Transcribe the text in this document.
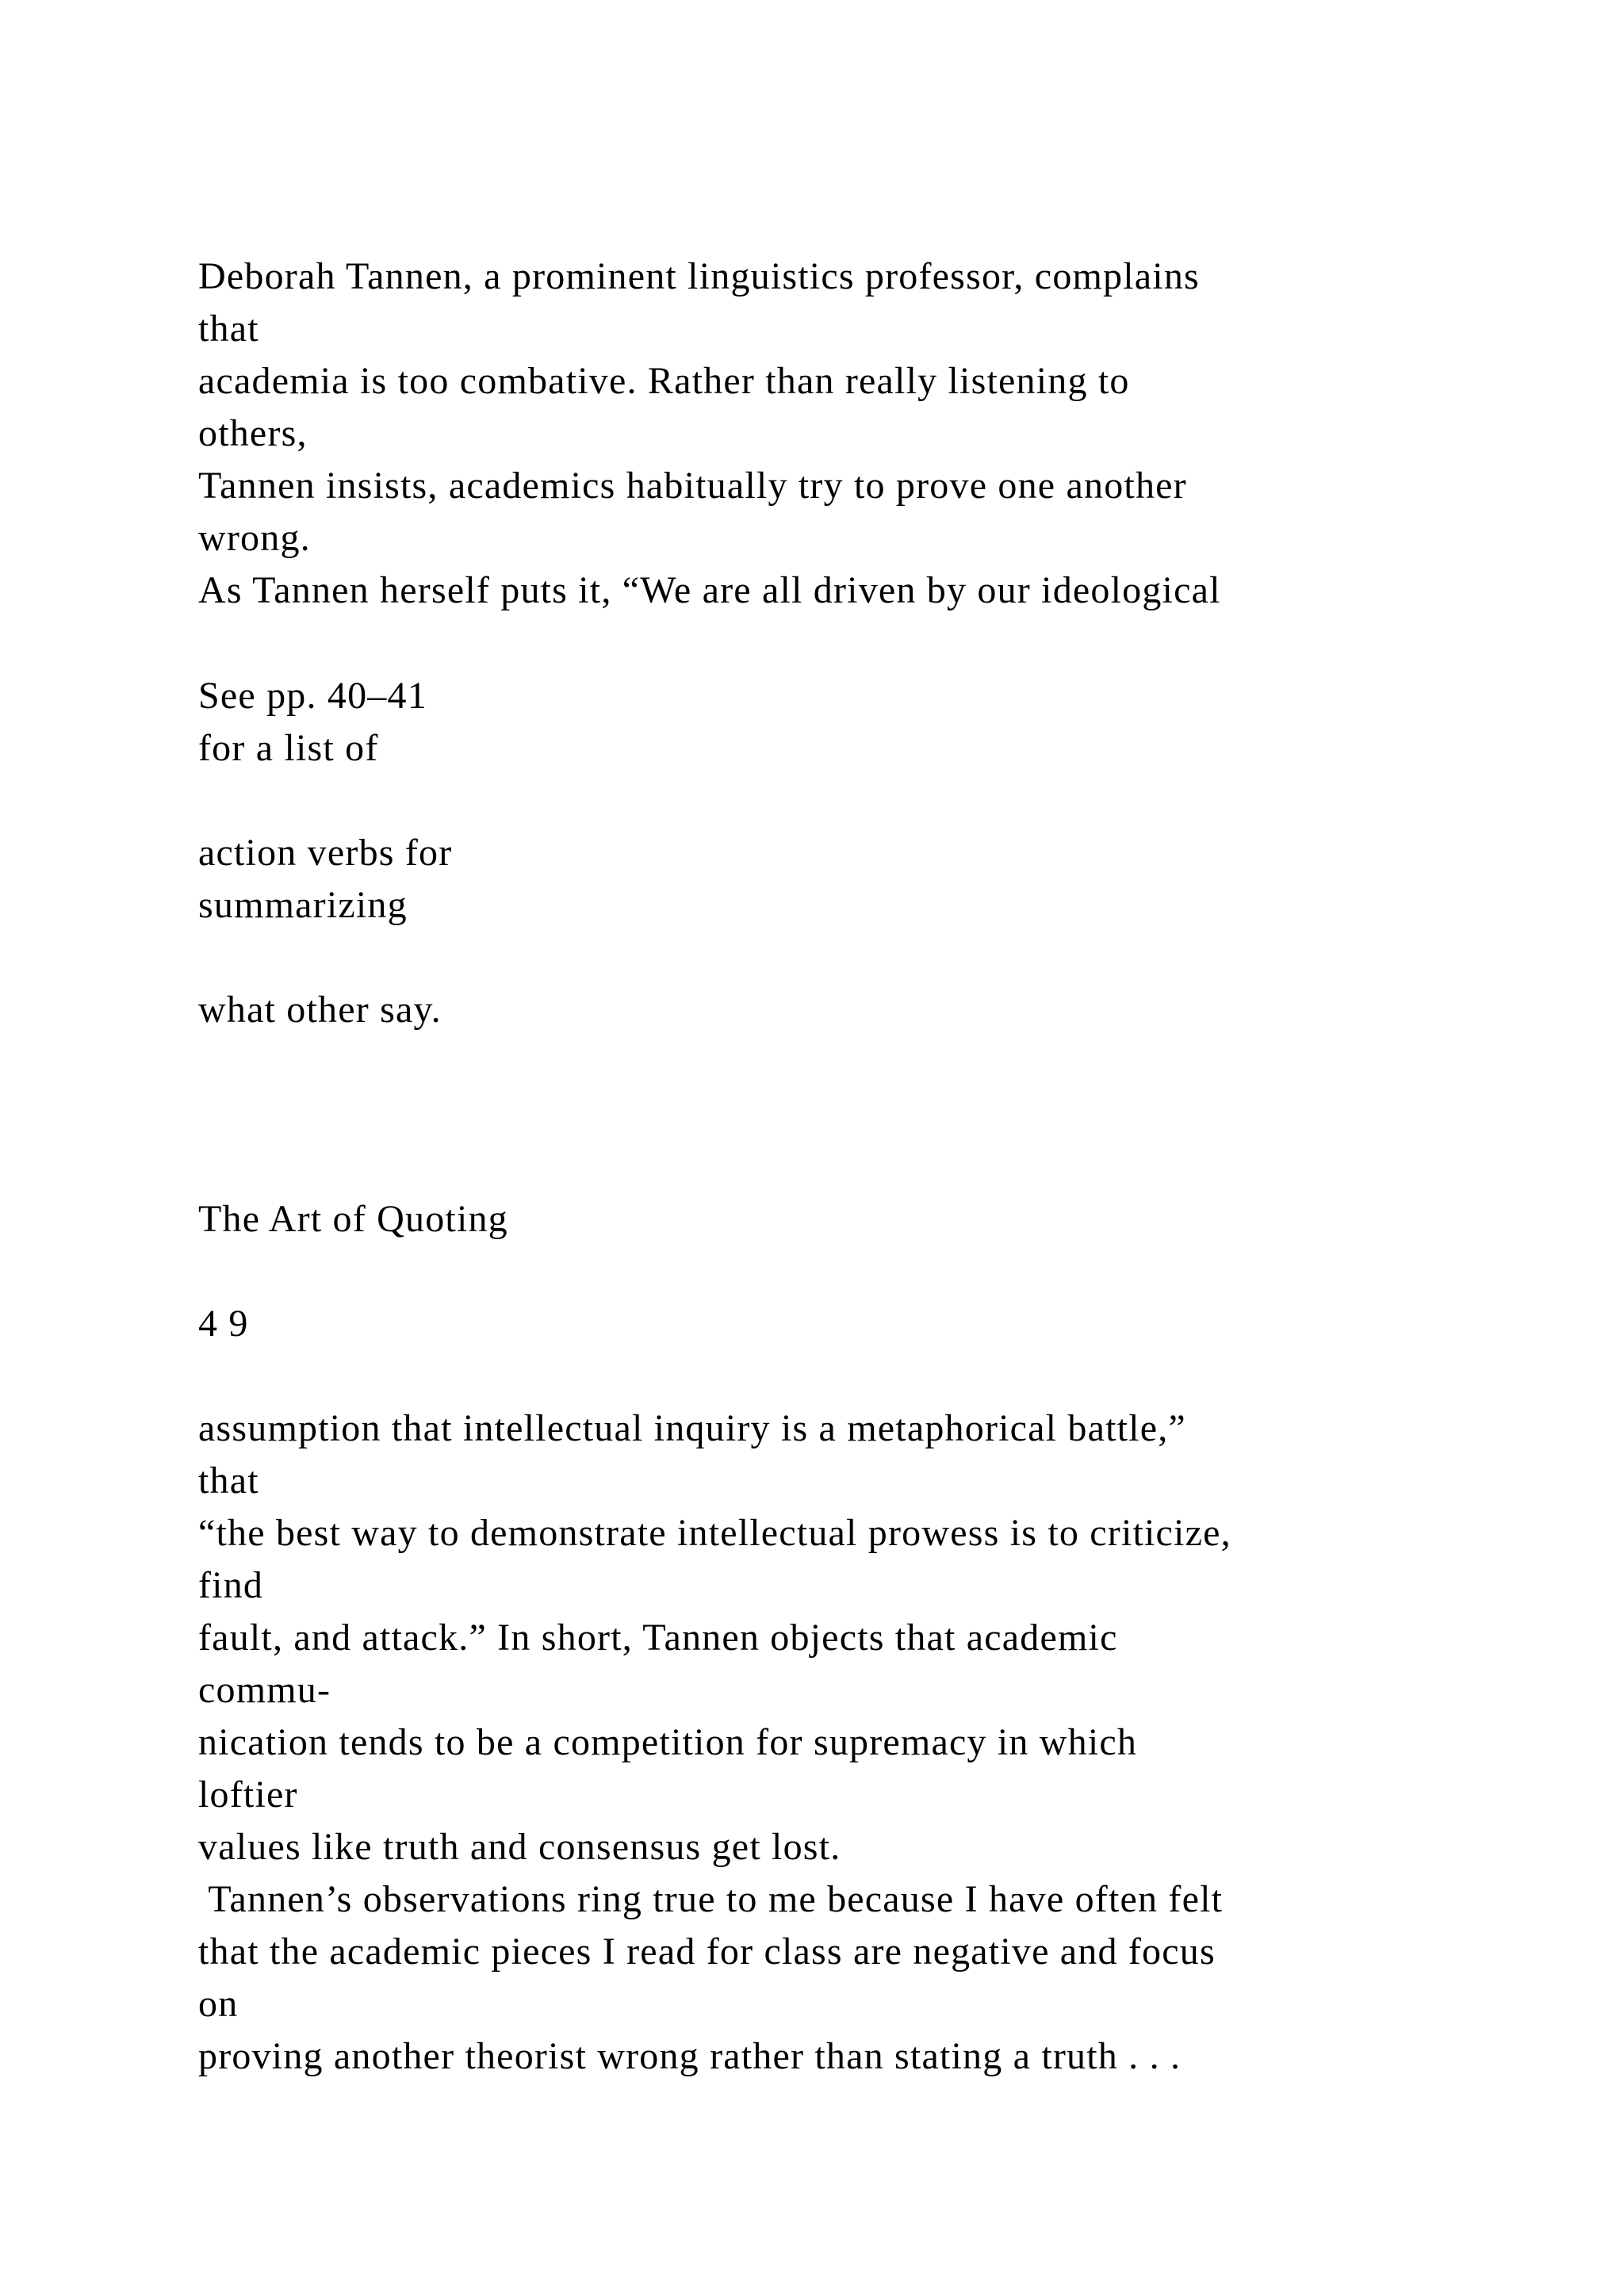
Deborah Tannen, a prominent linguistics professor, complains

that

academia is too combative. Rather than really listening to

others,

Tannen insists, academics habitually try to prove one another

wrong.

As Tannen herself puts it, “We are all driven by our ideological

See pp. 40–41

for a list of

action verbs for

summarizing

what other say.

The Art of Quoting

4 9

assumption that intellectual inquiry is a metaphorical battle,”

that

“the best way to demonstrate intellectual prowess is to criticize,

find

fault, and attack.” In short, Tannen objects that academic

commu-

nication tends to be a competition for supremacy in which

loftier

values like truth and consensus get lost.

Tannen’s observations ring true to me because I have often felt

that the academic pieces I read for class are negative and focus

on

proving another theorist wrong rather than stating a truth . . .
